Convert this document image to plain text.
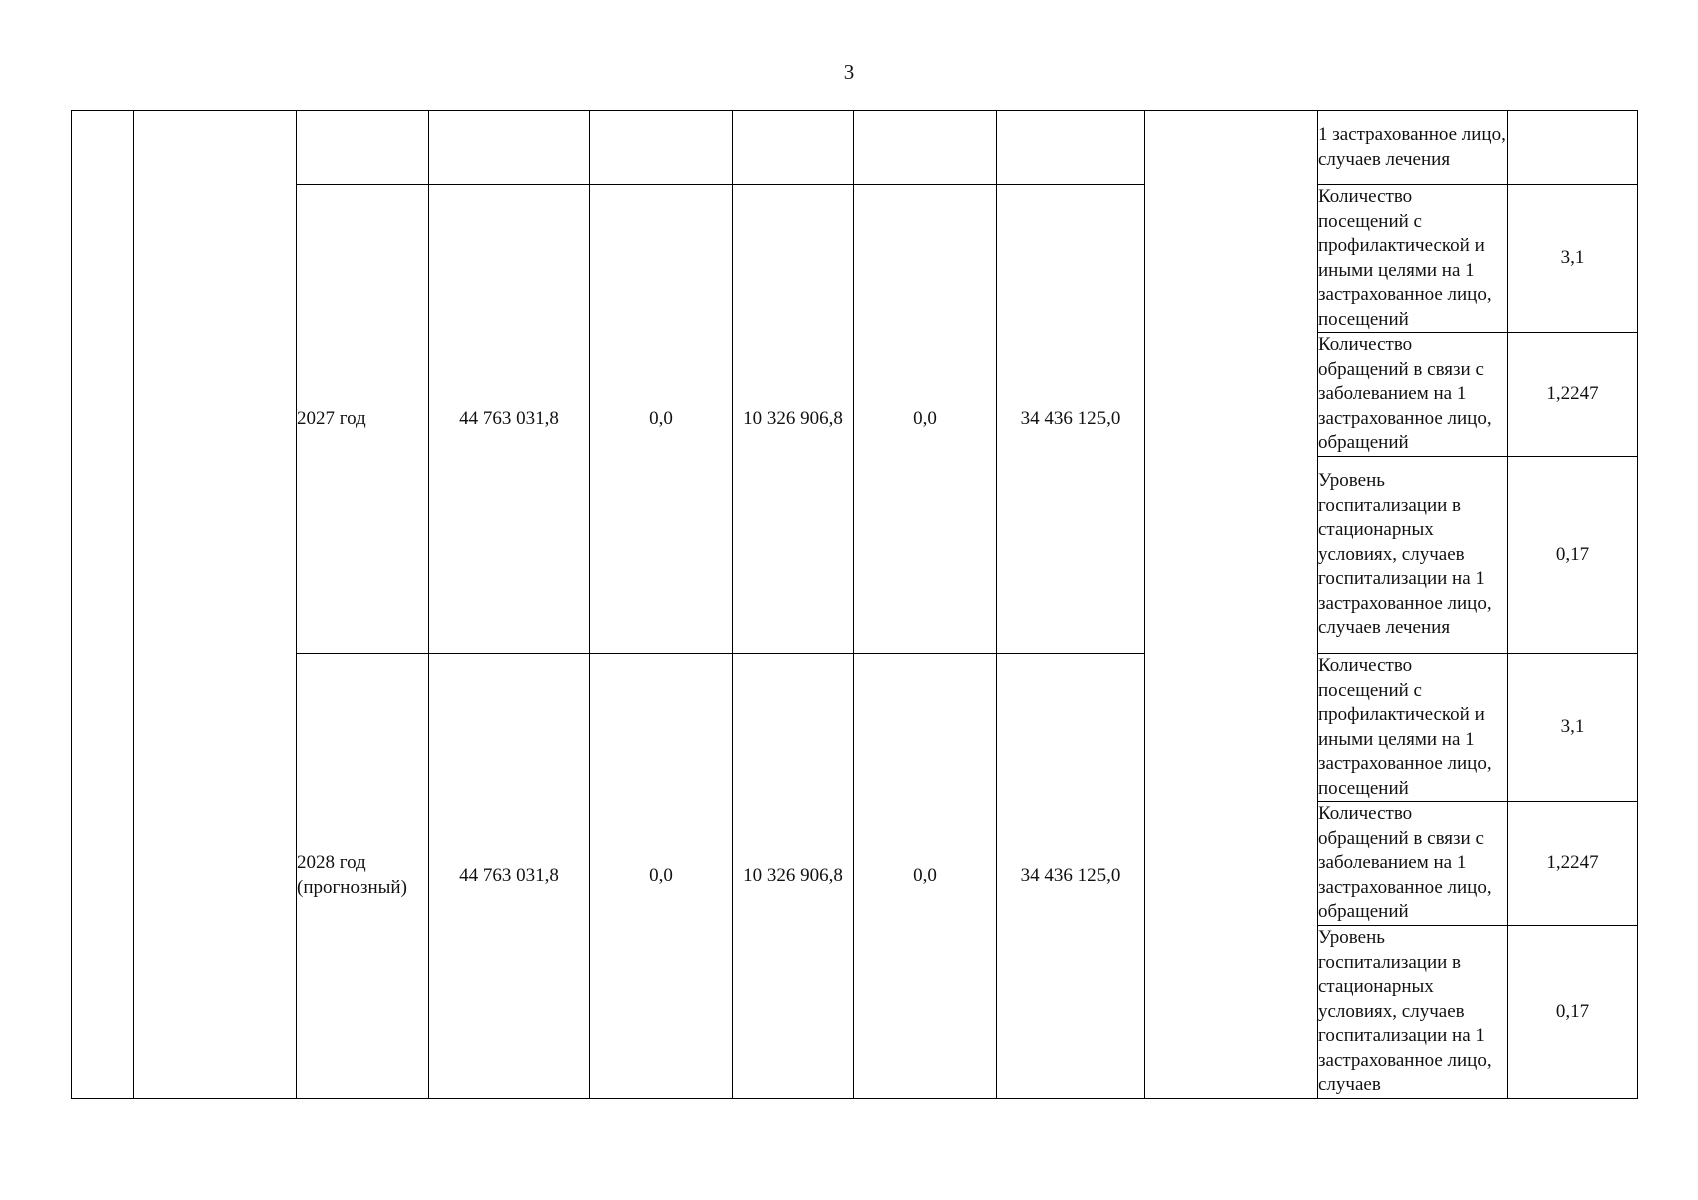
3

									1 застрахованное лицо, случаев лечения	

		2027 год	44 763 031,8	0,0	10 326 906,8	0,0	34 436 125,0		Количество посещений с профилактической и иными целями на 1 застрахованное лицо, посещений	3,1

									Количество обращений в связи с заболеванием на 1 застрахованное лицо, обращений	1,2247

									Уровень госпитализации в стационарных условиях, случаев госпитализации на 1 застрахованное лицо, случаев лечения	0,17
		2028 год (прогнозный)	44 763 031,8	0,0	10 326 906,8	0,0	34 436 125,0		Количество посещений с профилактической и иными целями на 1 застрахованное лицо, посещений	3,1

									Количество обращений в связи с заболеванием на 1 застрахованное лицо, обращений	1,2247

									Уровень госпитализации в стационарных условиях, случаев госпитализации на 1 застрахованное лицо, случаев	0,17
